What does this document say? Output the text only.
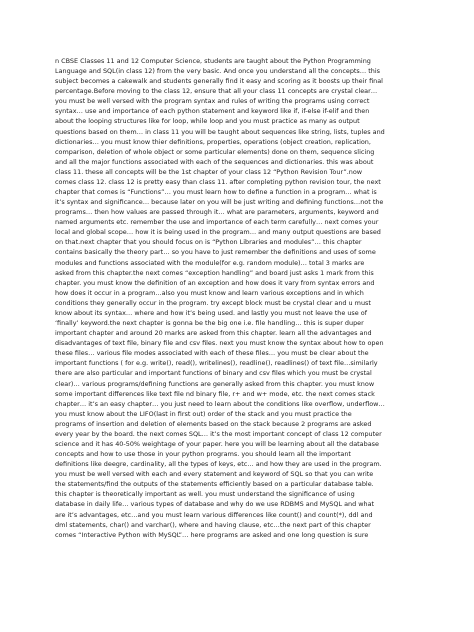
n CBSE Classes 11 and 12 Computer Science, students are taught about the Python Programming
Language and SQL(in class 12) from the very basic. And once you understand all the concepts… this
subject becomes a cakewalk and students generally find it easy and scoring as it boosts up their final
percentage.Before moving to the class 12, ensure that all your class 11 concepts are crystal clear…
you must be well versed with the program syntax and rules of writing the programs using correct
syntax… use and importance of each python statement and keyword like if, if-else if-elif and then
about the looping structures like for loop, while loop and you must practice as many as output
questions based on them… in class 11 you will be taught about sequences like string, lists, tuples and
dictionaries… you must know thier definitions, properties, operations (object creation, replication,
comparison, deletion of whole object or some particular elements) done on them, sequence slicing
and all the major functions associated with each of the sequences and dictionaries. this was about
class 11. these all concepts will be the 1st chapter of your class 12 “Python Revision Tour”.now
comes class 12. class 12 is pretty easy than class 11. after completing python revision tour, the next
chapter that comes is “Functions”… you must learn how to define a function in a program… what is
it’s syntax and significance… because later on you will be just writing and defining functions…not the
programs… then how values are passed through it… what are parameters, arguments, keyword and
named arguments etc. remember the use and importance of each term carefully… next comes your
local and global scope… how it is being used in the program… and many output questions are based
on that.next chapter that you should focus on is “Python Libraries and modules”… this chapter
contains basically the theory part… so you have to just remember the definitions and uses of some
modules and functions associated with the module(for e.g. random module)… total 3 marks are
asked from this chapter.the next comes “exception handling” and board just asks 1 mark from this
chapter. you must know the definition of an exception and how does it vary from syntax errors and
how does it occur in a program…also you must know and learn various exceptions and in which
conditions they generally occur in the program. try except block must be crystal clear and u must
know about its syntax… where and how it’s being used. and lastly you must not leave the use of
‘finally’ keyword.the next chapter is gonna be the big one i.e. file handling… this is super duper
important chapter and around 20 marks are asked from this chapter. learn all the advantages and
disadvantages of text file, binary file and csv files. next you must know the syntax about how to open
these files… various file modes associated with each of these files… you must be clear about the
important functions ( for e.g. write(), read(), writelines(), readline(), readlines() of text file…similarly
there are also particular and important functions of binary and csv files which you must be crystal
clear)… various programs/defining functions are generally asked from this chapter. you must know
some important differences like text file nd binary file, r+ and w+ mode, etc. the next comes stack
chapter… it’s an easy chapter… you just need to learn about the conditions like overflow, underflow…
you must know about the LIFO(last in first out) order of the stack and you must practice the
programs of insertion and deletion of elements based on the stack because 2 programs are asked
every year by the board. the next comes SQL… it’s the most important concept of class 12 computer
science and it has 40-50% weightage of your paper. here you will be learning about all the database
concepts and how to use those in your python programs. you should learn all the important
definitions like deegre, cardinality, all the types of keys, etc… and how they are used in the program.
you must be well versed with each and every statement and keyword of SQL so that you can write
the statements/find the outputs of the statements efficiently based on a particular database table.
this chapter is theoretically important as well. you must understand the significance of using
database in daily life… various types of database and why do we use RDBMS and MySQL and what
are it’s advantages, etc…and you must learn various differences like count() and count(*), ddl and
dml statements, char() and varchar(), where and having clause, etc…the next part of this chapter
comes “Interactive Python with MySQL”… here programs are asked and one long question is sure
